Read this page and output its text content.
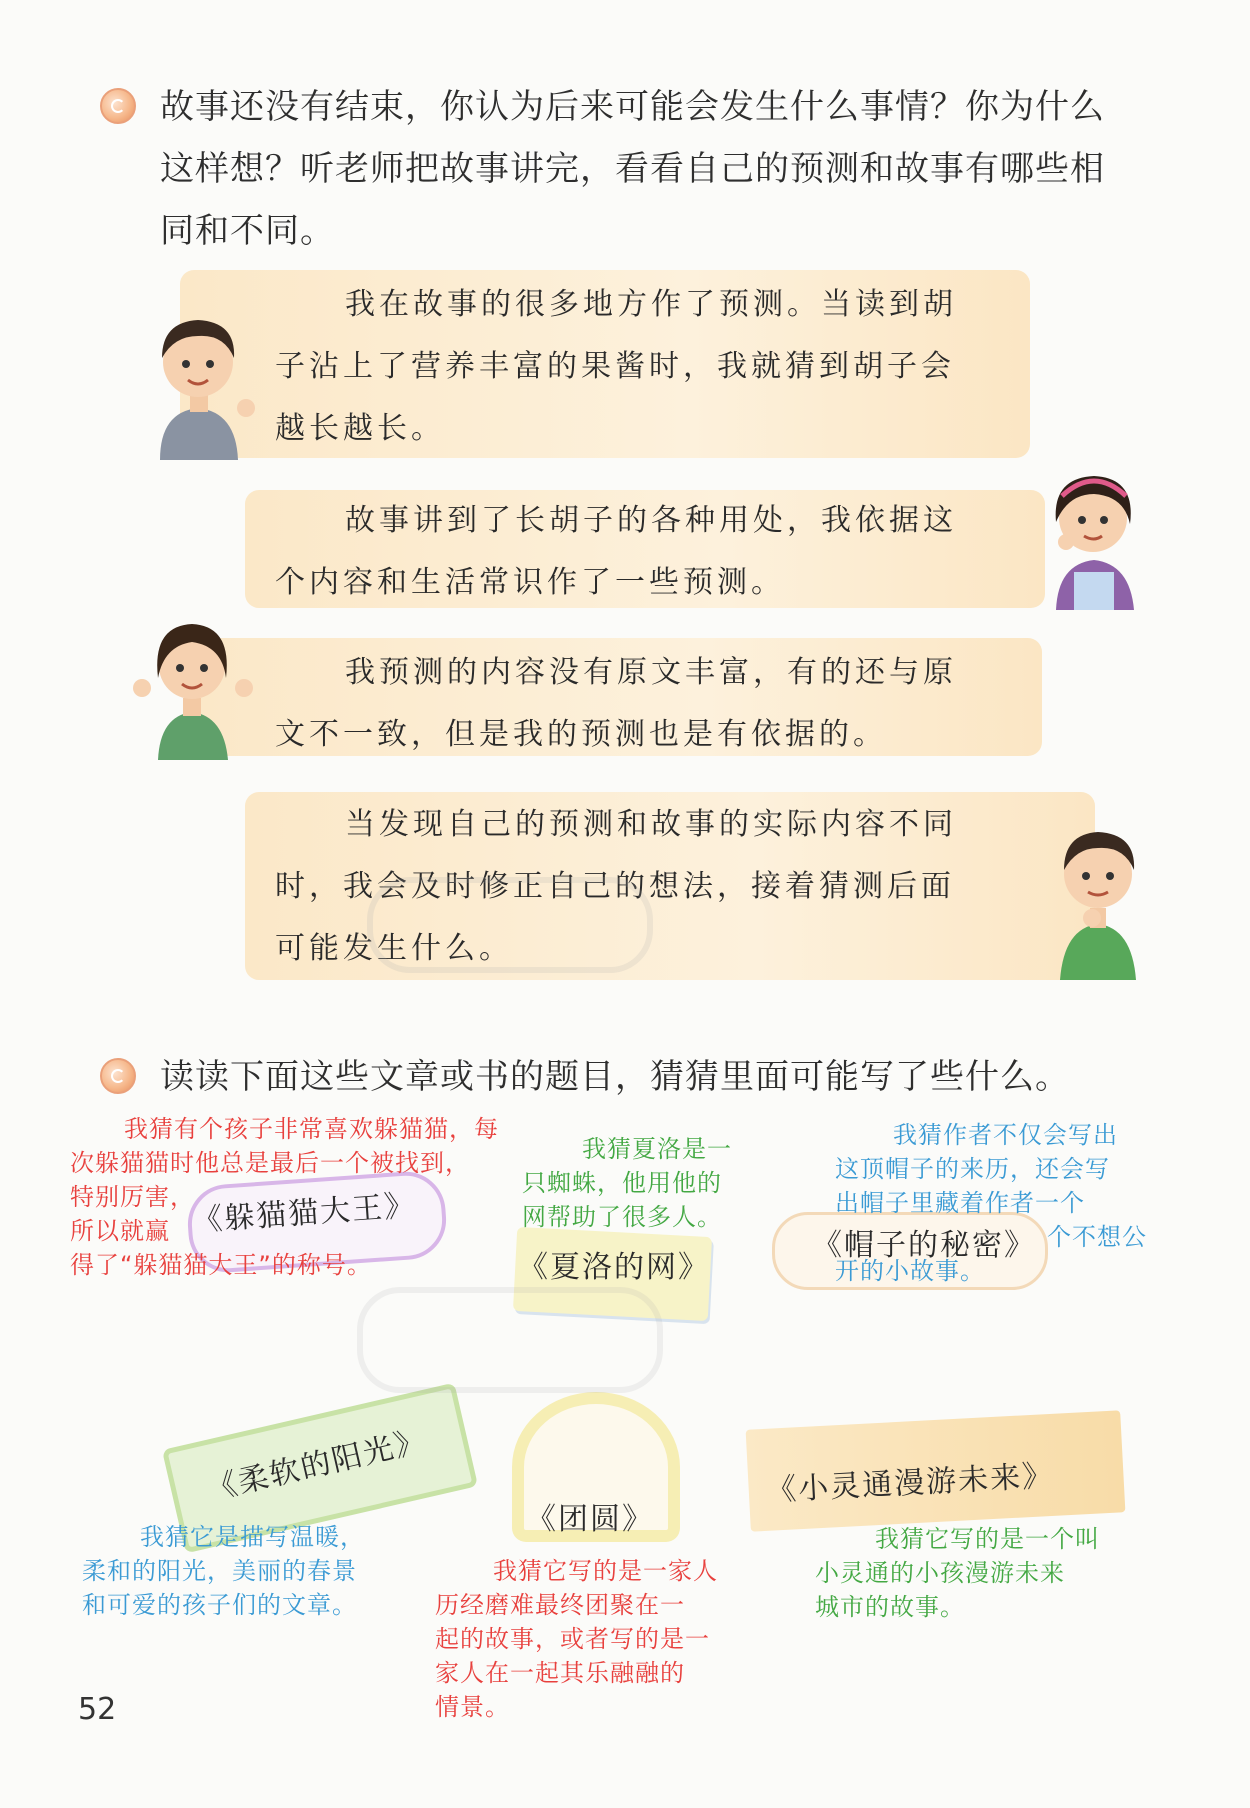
故事还没有结束，你认为后来可能会发生什么事情？你为什么
这样想？听老师把故事讲完，看看自己的预测和故事有哪些相
同和不同。
我在故事的很多地方作了预测。当读到胡
子沾上了营养丰富的果酱时，我就猜到胡子会
越长越长。
故事讲到了长胡子的各种用处，我依据这
个内容和生活常识作了一些预测。
我预测的内容没有原文丰富，有的还与原
文不一致，但是我的预测也是有依据的。
当发现自己的预测和故事的实际内容不同
时，我会及时修正自己的想法，接着猜测后面
可能发生什么。
读读下面这些文章或书的题目，猜猜里面可能写了些什么。
《躲猫猫大王》
我猜有个孩子非常喜欢躲猫猫，每
次躲猫猫时他总是最后一个被找到，
特别厉害，
所以就赢
得了“躲猫猫大王”的称号。	《夏洛的网》
我猜夏洛是一
只蜘蛛，他用他的
网帮助了很多人。
《帽子的秘密》
我猜作者不仅会写出
这顶帽子的来历，还会写
出帽子里藏着作者一个
个不想公
开的小故事。
《柔软的阳光》
我猜它是描写温暖，
柔和的阳光，美丽的春景
和可爱的孩子们的文章。
《团圆》
我猜它写的是一家人
历经磨难最终团聚在一
起的故事，或者写的是一
家人在一起其乐融融的
情景。
《小灵通漫游未来》
我猜它写的是一个叫
小灵通的小孩漫游未来
城市的故事。
52
